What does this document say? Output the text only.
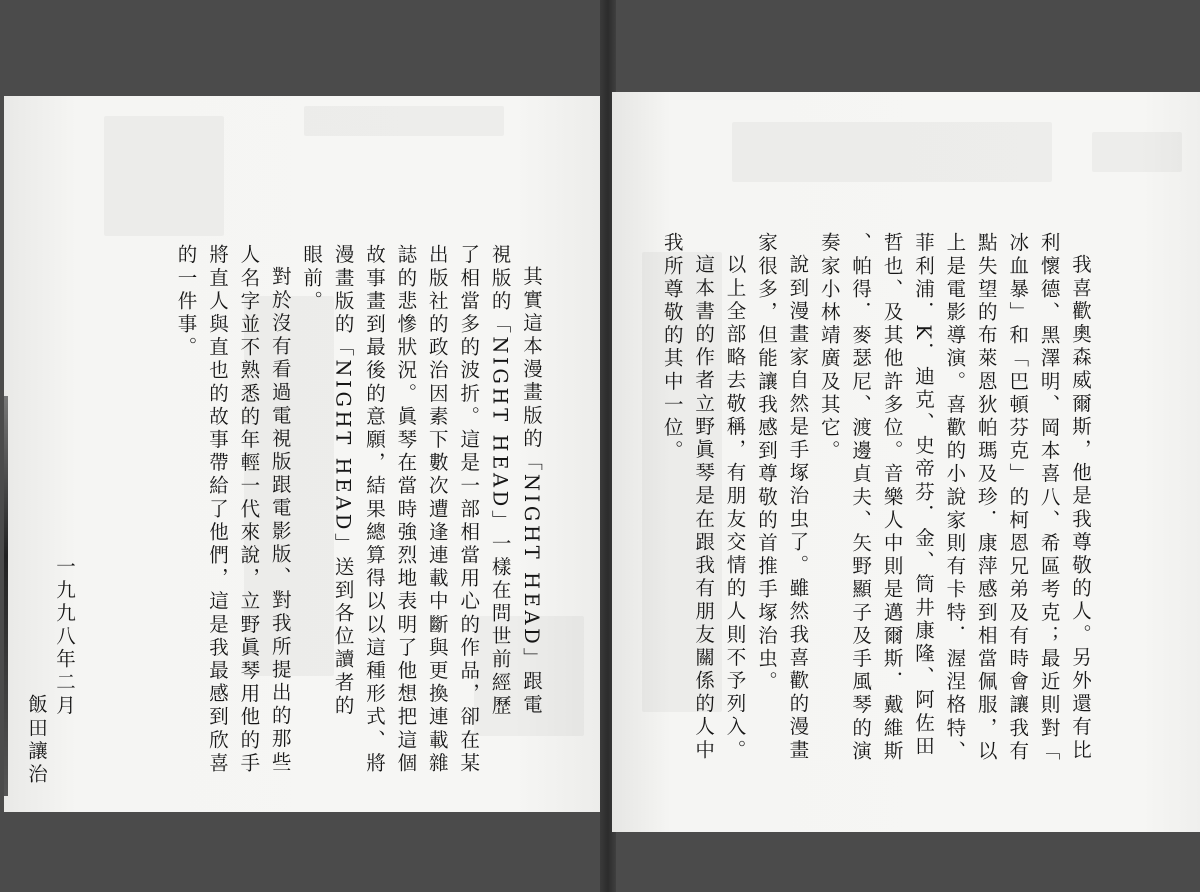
其實這本漫畫版的「NIGHT HEAD」跟電
視版的「NIGHT HEAD」一樣在問世前經歷
了相當多的波折。這是一部相當用心的作品，卻在某
出版社的政治因素下數次遭逢連載中斷與更換連載雜
誌的悲慘狀況。眞琴在當時強烈地表明了他想把這個
故事畫到最後的意願，結果總算得以以這種形式、將
漫畫版的「NIGHT HEAD」送到各位讀者的
眼前。
對於沒有看過電視版跟電影版、對我所提出的那些
人名字並不熟悉的年輕一代來說，立野眞琴用他的手
將直人與直也的故事帶給了他們，這是我最感到欣喜
的一件事。
一九九八年二月
飯田讓治	我喜歡奧森威爾斯，他是我尊敬的人。另外還有比
利懷德、黑澤明、岡本喜八、希區考克；最近則對「
冰血暴」和「巴頓芬克」的柯恩兄弟及有時會讓我有
點失望的布萊恩狄帕瑪及珍．康萍感到相當佩服，以
上是電影導演。喜歡的小說家則有卡特．渥涅格特、
菲利浦．K．迪克、史帝芬．金、筒井康隆、阿佐田
哲也、及其他許多位。音樂人中則是邁爾斯．戴維斯
、帕得．麥瑟尼、渡邊貞夫、矢野顯子及手風琴的演
奏家小林靖廣及其它。
說到漫畫家自然是手塚治虫了。雖然我喜歡的漫畫
家很多，但能讓我感到尊敬的首推手塚治虫。
以上全部略去敬稱，有朋友交情的人則不予列入。
這本書的作者立野眞琴是在跟我有朋友關係的人中
我所尊敬的其中一位。
